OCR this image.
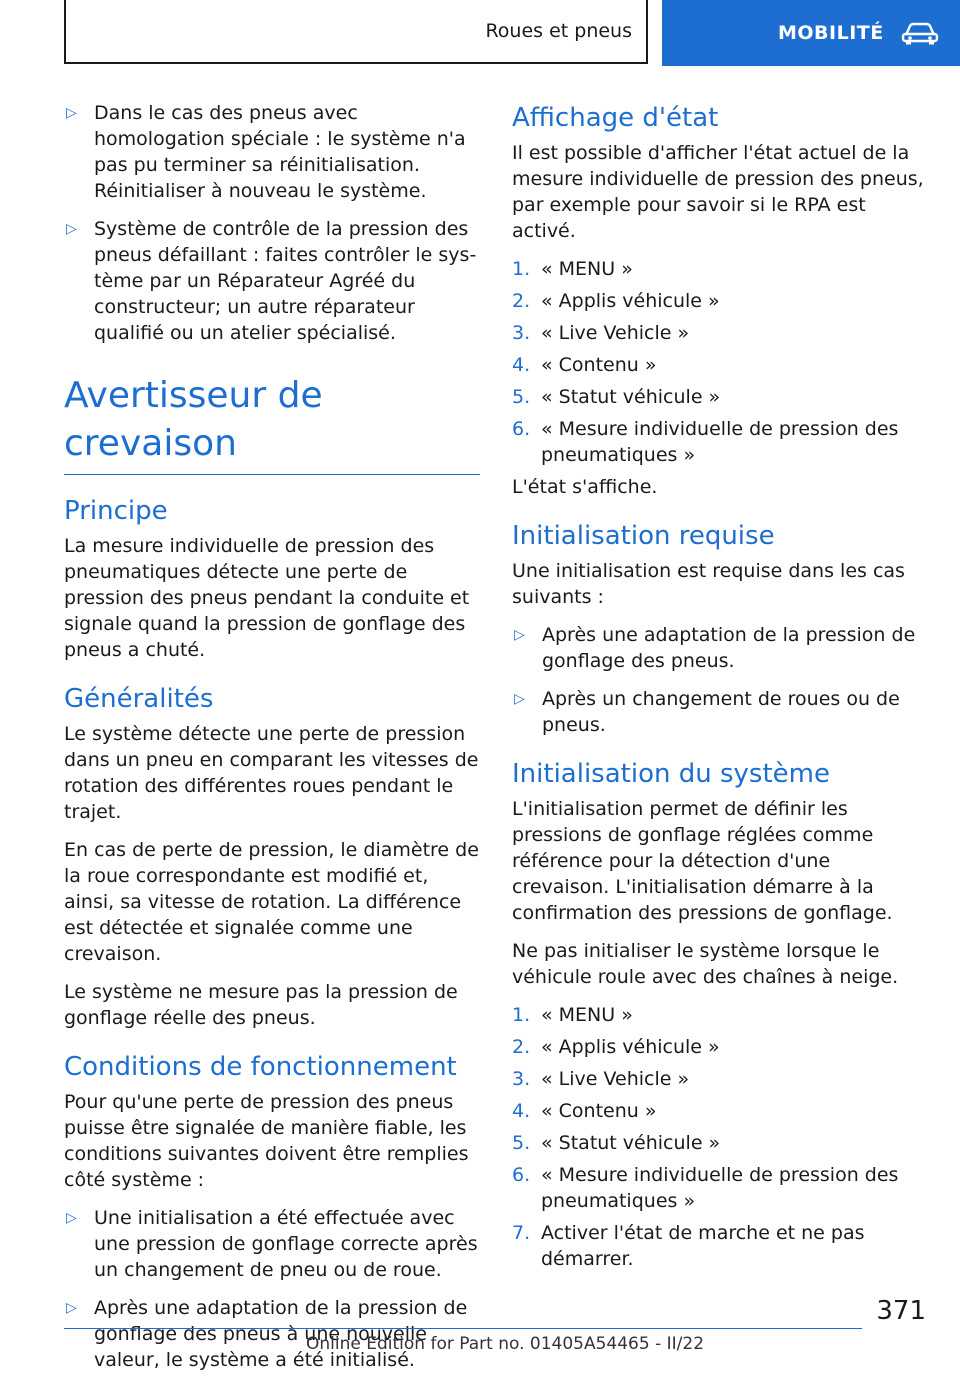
Roues et pneus	MOBILITÉ
▷ Dans le cas des pneus avec homologation spéciale : le système n'a pas pu terminer sa réinitialisation. Réinitialiser à nouveau le système.
▷ Système de contrôle de la pression des pneus défaillant : faites contrôler le système par un Réparateur Agréé du constructeur; un autre réparateur qualifié ou un atelier spécialisé.
Avertisseur de crevaison
Principe

La mesure individuelle de pression des pneumatiques détecte une perte de pression des pneus pendant la conduite et signale quand la pression de gonflage des pneus a chuté.

Généralités

Le système détecte une perte de pression dans un pneu en comparant les vitesses de rotation des différentes roues pendant le trajet.

En cas de perte de pression, le diamètre de la roue correspondante est modifié et, ainsi, sa vitesse de rotation. La différence est détectée et signalée comme une crevaison.

Le système ne mesure pas la pression de gonflage réelle des pneus.

Conditions de fonctionnement

Pour qu'une perte de pression des pneus puisse être signalée de manière fiable, les conditions suivantes doivent être remplies côté système :

▷ Une initialisation a été effectuée avec une pression de gonflage correcte après un changement de pneu ou de roue.
▷ Après une adaptation de la pression de gonflage des pneus à une nouvelle valeur, le système a été initialisé.
Affichage d'état

Il est possible d'afficher l'état actuel de la mesure individuelle de pression des pneus, par exemple pour savoir si le RPA est activé.

1. « MENU »
2. « Applis véhicule »
3. « Live Vehicle »
4. « Contenu »
5. « Statut véhicule »
6. « Mesure individuelle de pression des pneumatiques »

L'état s'affiche.

Initialisation requise

Une initialisation est requise dans les cas suivants :

▷ Après une adaptation de la pression de gonflage des pneus.
▷ Après un changement de roues ou de pneus.
Initialisation du système

L'initialisation permet de définir les pressions de gonflage réglées comme référence pour la détection d'une crevaison. L'initialisation démarre à la confirmation des pressions de gonflage.

Ne pas initialiser le système lorsque le véhicule roule avec des chaînes à neige.

1. « MENU »
2. « Applis véhicule »
3. « Live Vehicle »
4. « Contenu »
5. « Statut véhicule »
6. « Mesure individuelle de pression des pneumatiques »
7. Activer l'état de marche et ne pas démarrer.
371
Online Edition for Part no. 01405A54465 - II/22
